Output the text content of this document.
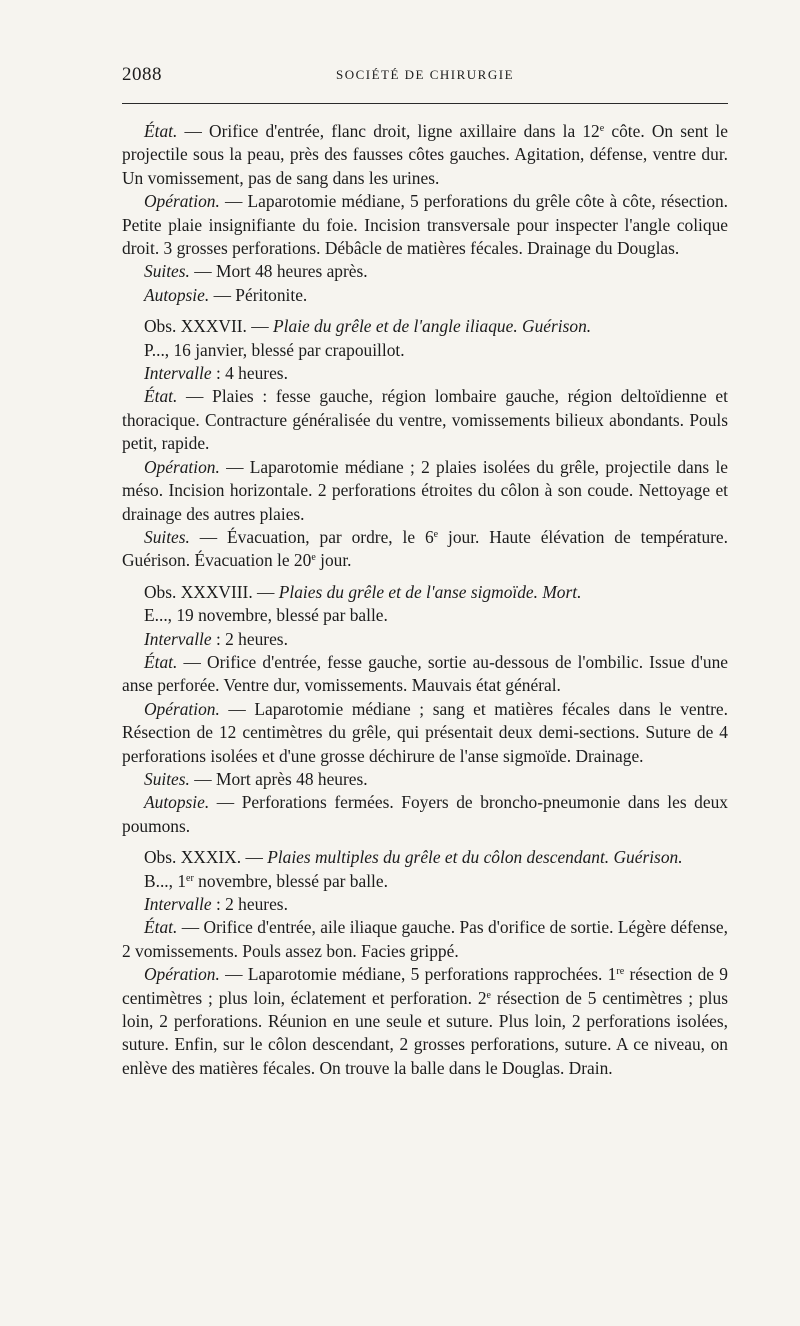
2088	SOCIÉTÉ DE CHIRURGIE

État. — Orifice d'entrée, flanc droit, ligne axillaire dans la 12e côte. On sent le projectile sous la peau, près des fausses côtes gauches. Agitation, défense, ventre dur. Un vomissement, pas de sang dans les urines.

Opération. — Laparotomie médiane, 5 perforations du grêle côte à côte, résection. Petite plaie insignifiante du foie. Incision transversale pour inspecter l'angle colique droit. 3 grosses perforations. Débâcle de matières fécales. Drainage du Douglas.

Suites. — Mort 48 heures après.

Autopsie. — Péritonite.

Obs. XXXVII. — Plaie du grêle et de l'angle iliaque. Guérison.

P..., 16 janvier, blessé par crapouillot.

Intervalle : 4 heures.

État. — Plaies : fesse gauche, région lombaire gauche, région deltoïdienne et thoracique. Contracture généralisée du ventre, vomissements bilieux abondants. Pouls petit, rapide.

Opération. — Laparotomie médiane ; 2 plaies isolées du grêle, projectile dans le méso. Incision horizontale. 2 perforations étroites du côlon à son coude. Nettoyage et drainage des autres plaies.

Suites. — Évacuation, par ordre, le 6e jour. Haute élévation de température. Guérison. Évacuation le 20e jour.

Obs. XXXVIII. — Plaies du grêle et de l'anse sigmoïde. Mort.

E..., 19 novembre, blessé par balle.

Intervalle : 2 heures.

État. — Orifice d'entrée, fesse gauche, sortie au-dessous de l'ombilic. Issue d'une anse perforée. Ventre dur, vomissements. Mauvais état général.

Opération. — Laparotomie médiane ; sang et matières fécales dans le ventre. Résection de 12 centimètres du grêle, qui présentait deux demi-sections. Suture de 4 perforations isolées et d'une grosse déchirure de l'anse sigmoïde. Drainage.

Suites. — Mort après 48 heures.

Autopsie. — Perforations fermées. Foyers de broncho-pneumonie dans les deux poumons.

Obs. XXXIX. — Plaies multiples du grêle et du côlon descendant. Guérison.

B..., 1er novembre, blessé par balle.

Intervalle : 2 heures.

État. — Orifice d'entrée, aile iliaque gauche. Pas d'orifice de sortie. Légère défense, 2 vomissements. Pouls assez bon. Facies grippé.

Opération. — Laparotomie médiane, 5 perforations rapprochées. 1re résection de 9 centimètres ; plus loin, éclatement et perforation. 2e résection de 5 centimètres ; plus loin, 2 perforations. Réunion en une seule et suture. Plus loin, 2 perforations isolées, suture. Enfin, sur le côlon descendant, 2 grosses perforations, suture. A ce niveau, on enlève des matières fécales. On trouve la balle dans le Douglas. Drain.
